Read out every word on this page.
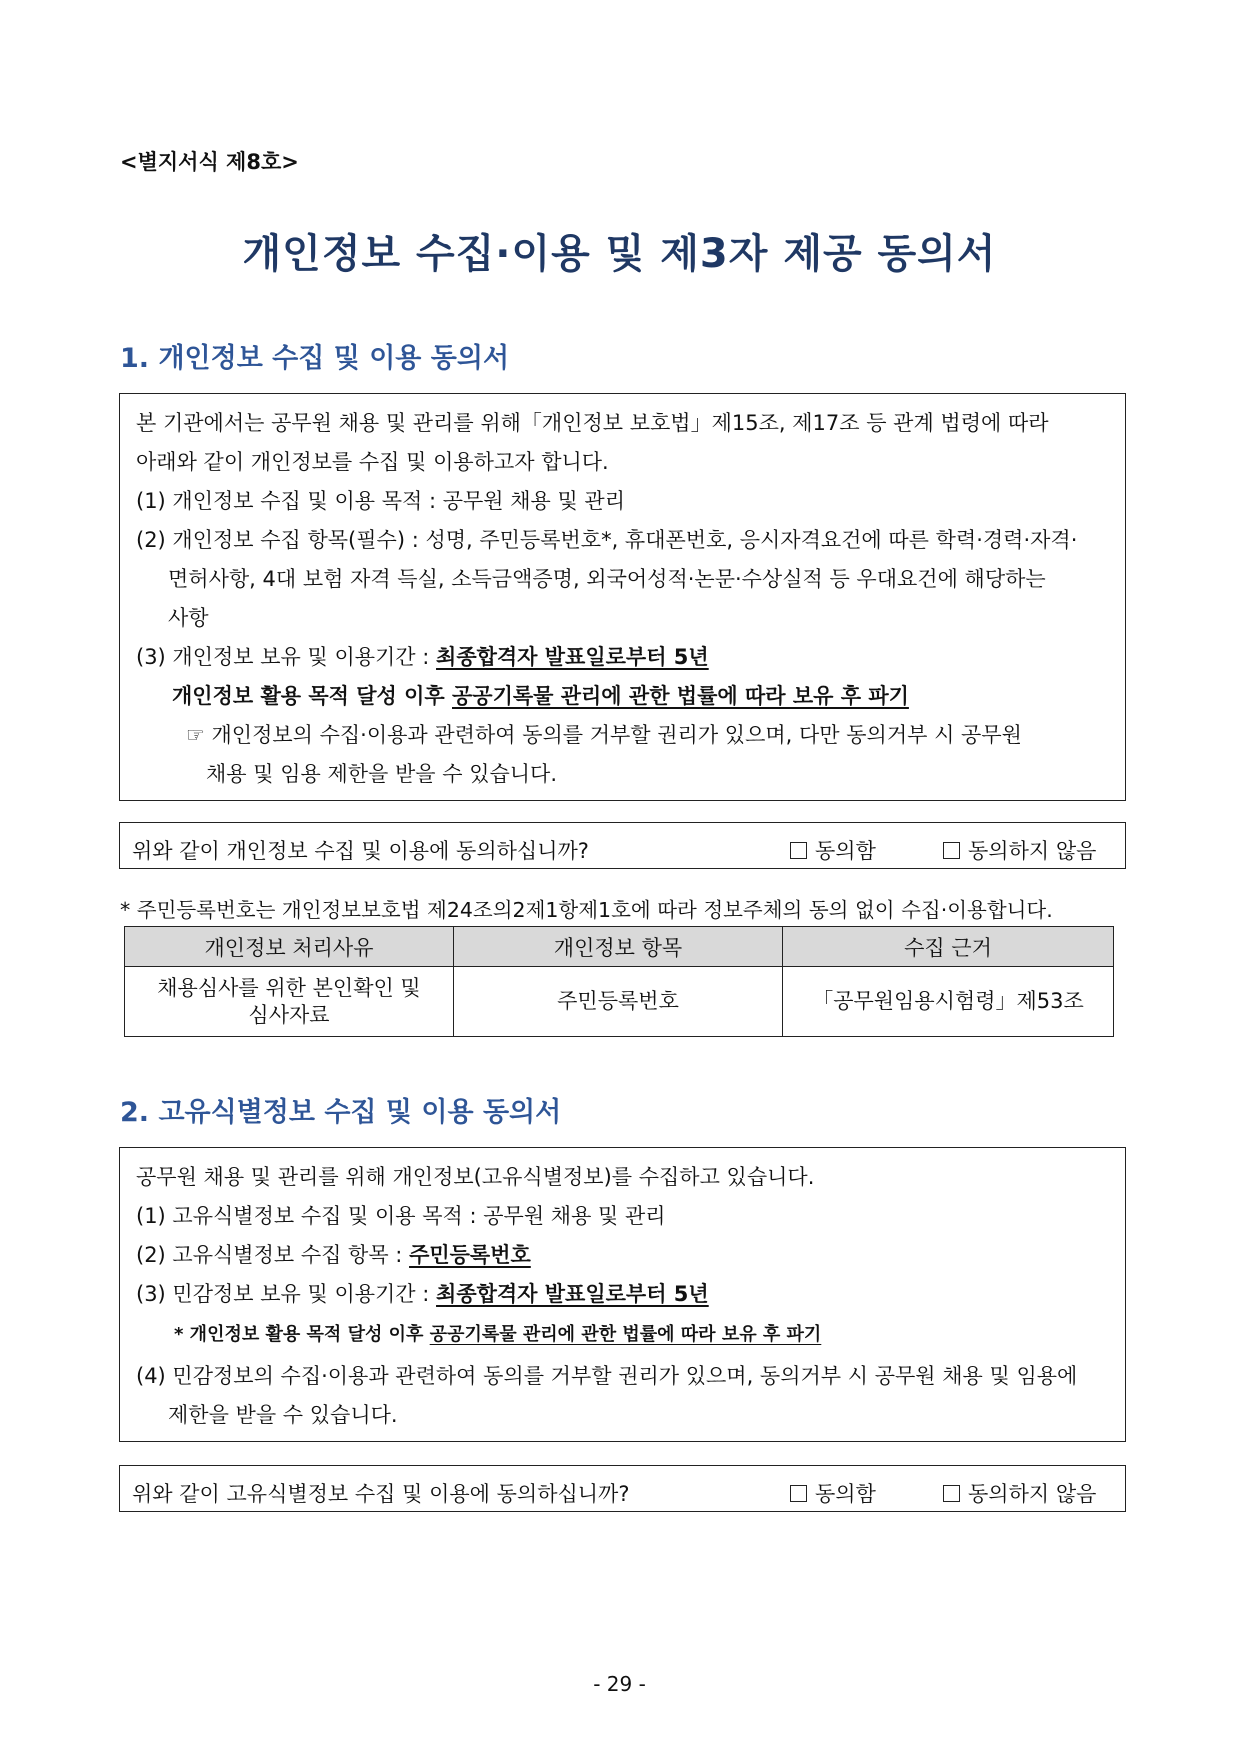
<별지서식 제8호>
개인정보 수집·이용 및 제3자 제공 동의서
1. 개인정보 수집 및 이용 동의서
본 기관에서는 공무원 채용 및 관리를 위해「개인정보 보호법」제15조, 제17조 등 관계 법령에 따라
아래와 같이 개인정보를 수집 및 이용하고자 합니다.
(1) 개인정보 수집 및 이용 목적 : 공무원 채용 및 관리
(2) 개인정보 수집 항목(필수) : 성명, 주민등록번호*, 휴대폰번호, 응시자격요건에 따른 학력·경력·자격·
면허사항, 4대 보험 자격 득실, 소득금액증명, 외국어성적·논문·수상실적 등 우대요건에 해당하는
사항
(3) 개인정보 보유 및 이용기간 : 최종합격자 발표일로부터 5년
개인정보 활용 목적 달성 이후 공공기록물 관리에 관한 법률에 따라 보유 후 파기
☞ 개인정보의 수집·이용과 관련하여 동의를 거부할 권리가 있으며, 다만 동의거부 시 공무원
채용 및 임용 제한을 받을 수 있습니다.
위와 같이 개인정보 수집 및 이용에 동의하십니까?	동의함	동의하지 않음
* 주민등록번호는 개인정보보호법 제24조의2제1항제1호에 따라 정보주체의 동의 없이 수집·이용합니다.
개인정보 처리사유	개인정보 항목	수집 근거
채용심사를 위한 본인확인 및
심사자료	주민등록번호	「공무원임용시험령」제53조
2. 고유식별정보 수집 및 이용 동의서
공무원 채용 및 관리를 위해 개인정보(고유식별정보)를 수집하고 있습니다.
(1) 고유식별정보 수집 및 이용 목적 : 공무원 채용 및 관리
(2) 고유식별정보 수집 항목 : 주민등록번호
(3) 민감정보 보유 및 이용기간 : 최종합격자 발표일로부터 5년
* 개인정보 활용 목적 달성 이후 공공기록물 관리에 관한 법률에 따라 보유 후 파기
(4) 민감정보의 수집·이용과 관련하여 동의를 거부할 권리가 있으며, 동의거부 시 공무원 채용 및 임용에
제한을 받을 수 있습니다.
위와 같이 고유식별정보 수집 및 이용에 동의하십니까?	동의함	동의하지 않음
- 29 -
